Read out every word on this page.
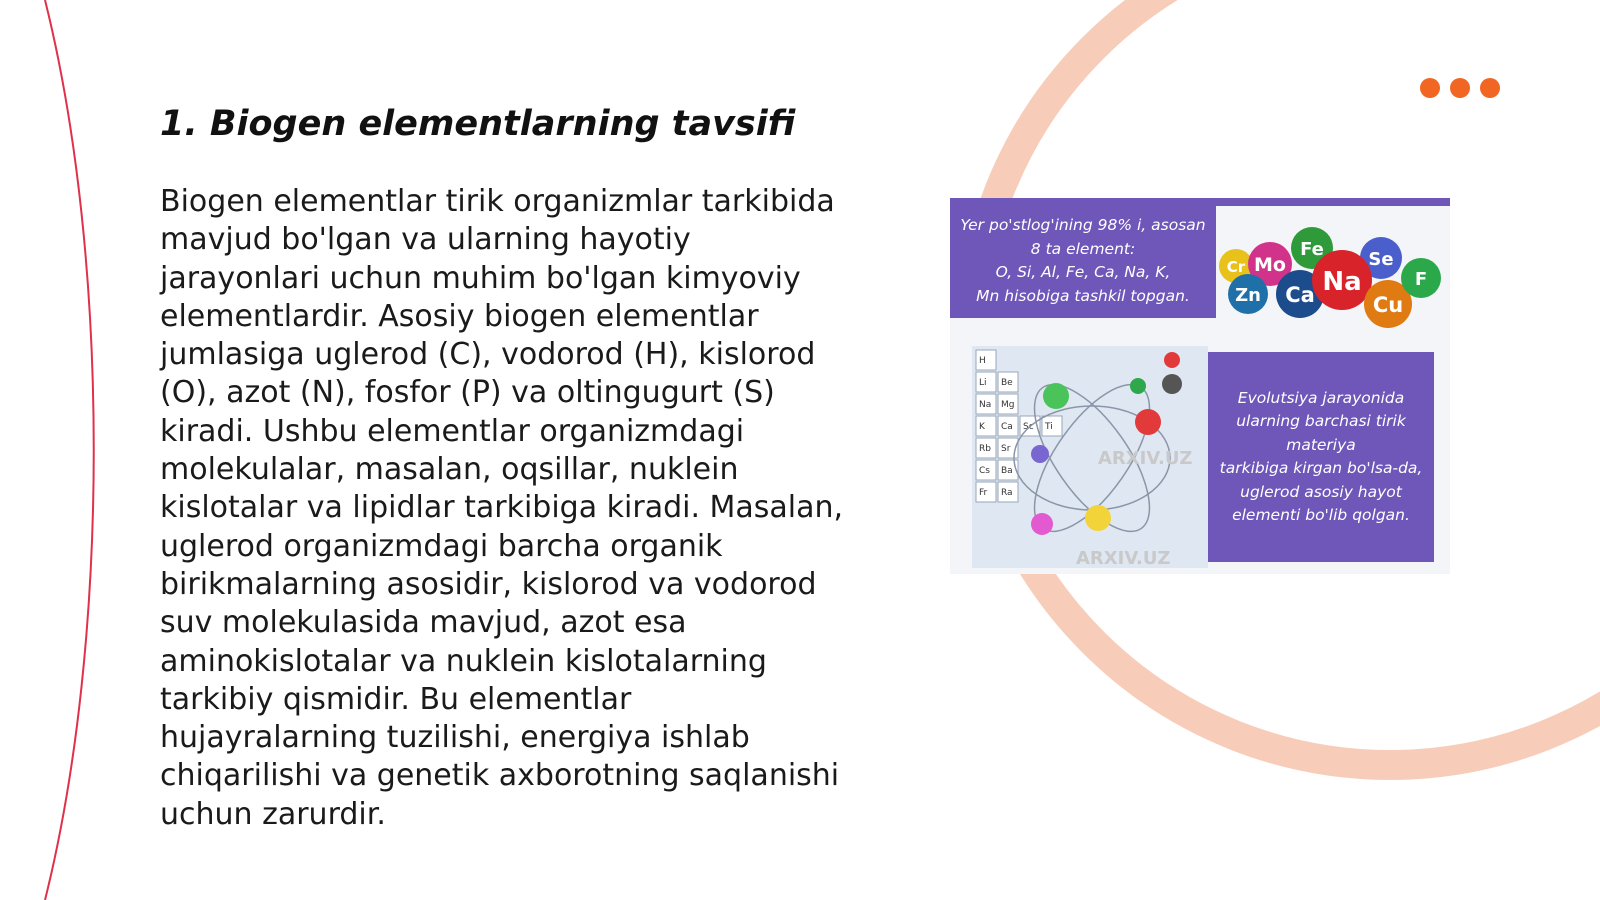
1. Biogen elementlarning tavsifi

Biogen elementlar tirik organizmlar tarkibida mavjud bo'lgan va ularning hayotiy jarayonlari uchun muhim bo'lgan kimyoviy elementlardir. Asosiy biogen elementlar jumlasiga uglerod (C), vodorod (H), kislorod (O), azot (N), fosfor (P) va oltingugurt (S) kiradi. Ushbu elementlar organizmdagi molekulalar, masalan, oqsillar, nuklein kislotalar va lipidlar tarkibiga kiradi. Masalan, uglerod organizmdagi barcha organik birikmalarning asosidir, kislorod va vodorod suv molekulasida mavjud, azot esa aminokislotalar va nuklein kislotalarning tarkibiy qismidir. Bu elementlar hujayralarning tuzilishi, energiya ishlab chiqarilishi va genetik axborotning saqlanishi uchun zarurdir.

Yer po'stlog'ining 98% i, asosan
8 ta element:
O, Si, Al, Fe, Ca, Na, K,
Mn hisobiga tashkil topgan.
Cr Mo
Fe Se
Zn Ca Na
Cu
F
H
Li Be
Na Mg
K Ca Sc Ti
Rb Sr
Cs Ba
Fr Ra
ARXIV.UZ
ARXIV.UZ
Evolutsiya jarayonida
ularning barchasi tirik
materiya
tarkibiga kirgan bo'lsa-da,
uglerod asosiy hayot
elementi bo'lib qolgan.
